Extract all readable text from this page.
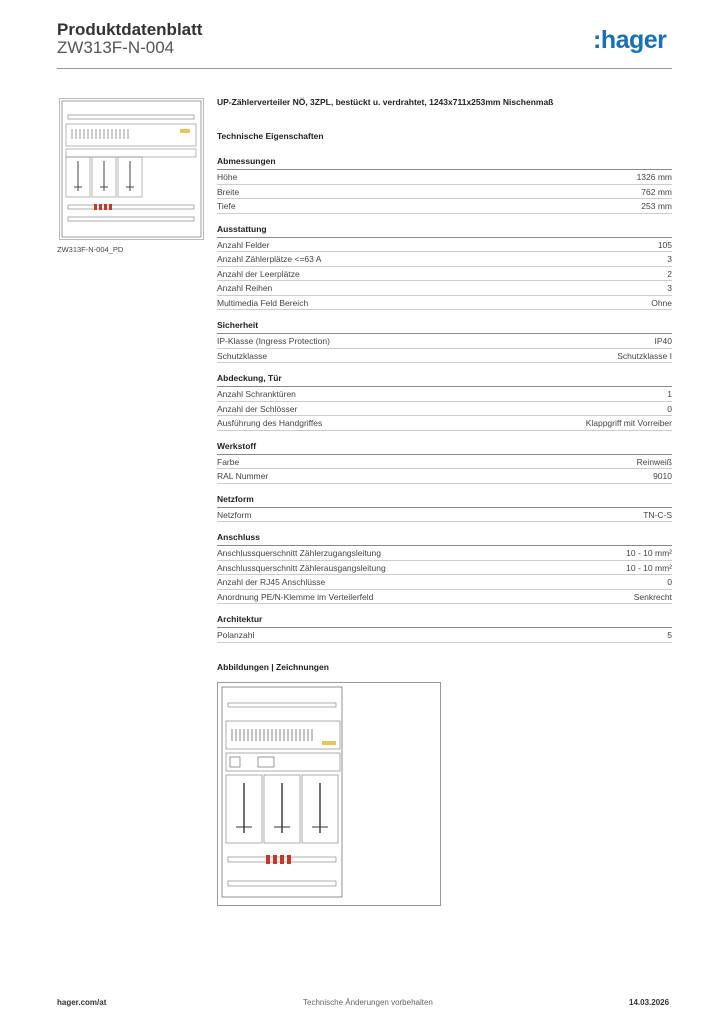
Produktdatenblatt
ZW313F-N-004	:hager
ZW313F-N-004_PD
UP-Zählerverteiler NÖ, 3ZPL, bestückt u. verdrahtet, 1243x711x253mm Nischenmaß
Technische Eigenschaften
Abmessungen
Höhe	1326 mm
Breite	762 mm
Tiefe	253 mm
Ausstattung
Anzahl Felder	105
Anzahl Zählerplätze <=63 A	3
Anzahl der Leerplätze	2
Anzahl Reihen	3
Multimedia Feld Bereich	Ohne
Sicherheit
IP-Klasse (Ingress Protection)	IP40
Schutzklasse	Schutzklasse I
Abdeckung, Tür
Anzahl Schranktüren	1
Anzahl der Schlösser	0
Ausführung des Handgriffes	Klappgriff mit Vorreiber
Werkstoff
Farbe	Reinweiß
RAL Nummer	9010
Netzform
Netzform	TN-C-S
Anschluss
Anschlussquerschnitt Zählerzugangsleitung	10 - 10 mm²
Anschlussquerschnitt Zählerausgangsleitung	10 - 10 mm²
Anzahl der RJ45 Anschlüsse	0
Anordnung PE/N-Klemme im Verteilerfeld	Senkrecht
Architektur
Polanzahl	5
Abbildungen | Zeichnungen
hager.com/at	Technische Änderungen vorbehalten	14.03.2026
